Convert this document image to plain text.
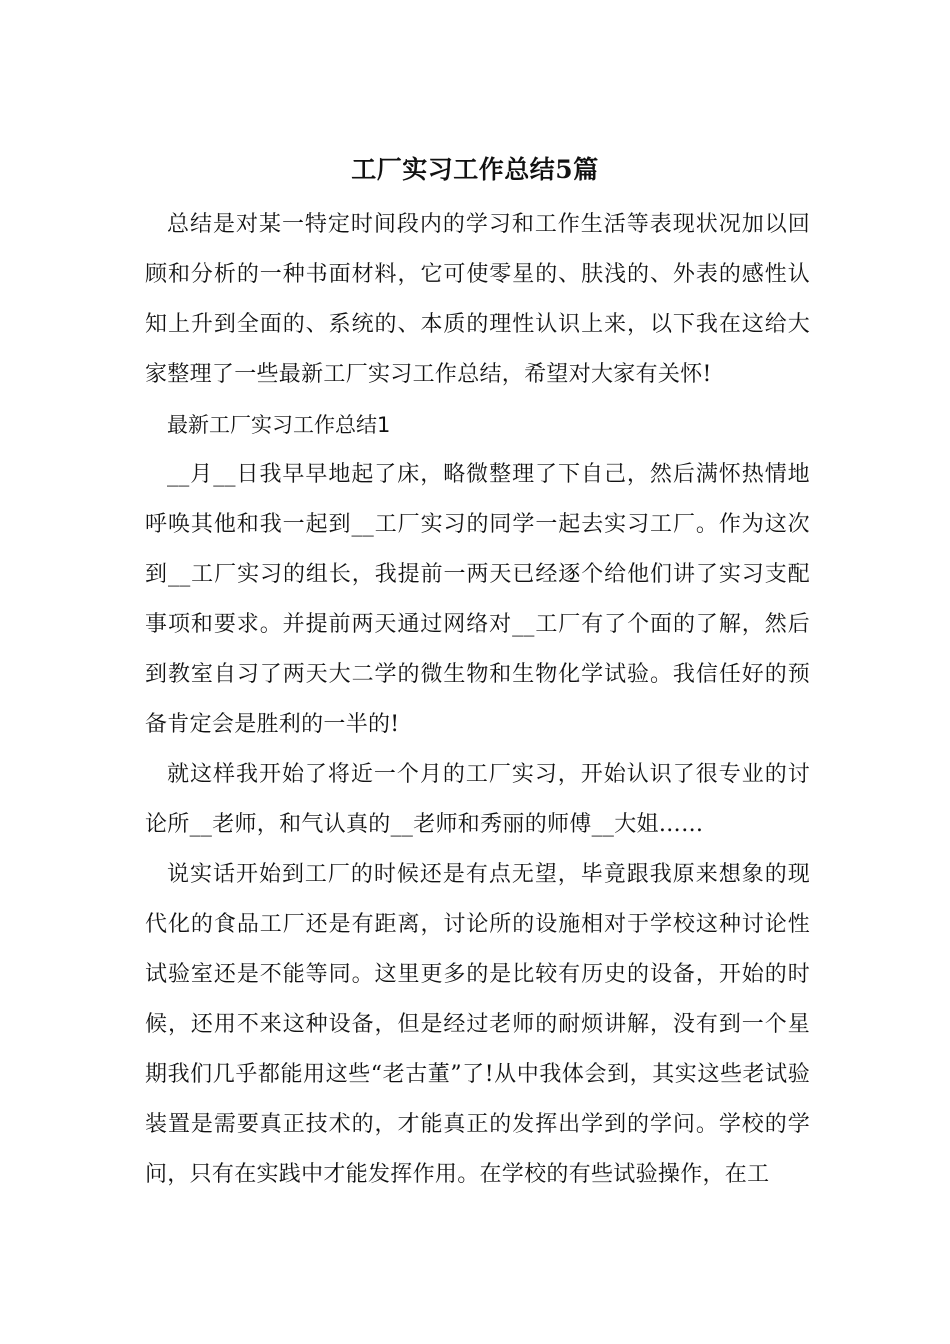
工厂实习工作总结5篇

总结是对某一特定时间段内的学习和工作生活等表现状况加以回顾和分析的一种书面材料，它可使零星的、肤浅的、外表的感性认知上升到全面的、系统的、本质的理性认识上来，以下我在这给大家整理了一些最新工厂实习工作总结，希望对大家有关怀!

最新工厂实习工作总结1

__月__日我早早地起了床，略微整理了下自己，然后满怀热情地呼唤其他和我一起到__工厂实习的同学一起去实习工厂。作为这次到__工厂实习的组长，我提前一两天已经逐个给他们讲了实习支配事项和要求。并提前两天通过网络对__工厂有了个面的了解，然后到教室自习了两天大二学的微生物和生物化学试验。我信任好的预备肯定会是胜利的一半的!

就这样我开始了将近一个月的工厂实习，开始认识了很专业的讨论所__老师，和气认真的__老师和秀丽的师傅__大姐……

说实话开始到工厂的时候还是有点无望，毕竟跟我原来想象的现代化的食品工厂还是有距离，讨论所的设施相对于学校这种讨论性试验室还是不能等同。这里更多的是比较有历史的设备，开始的时候，还用不来这种设备，但是经过老师的耐烦讲解，没有到一个星期我们几乎都能用这些“老古董”了!从中我体会到，其实这些老试验装置是需要真正技术的，才能真正的发挥出学到的学问。学校的学问，只有在实践中才能发挥作用。在学校的有些试验操作，在工
